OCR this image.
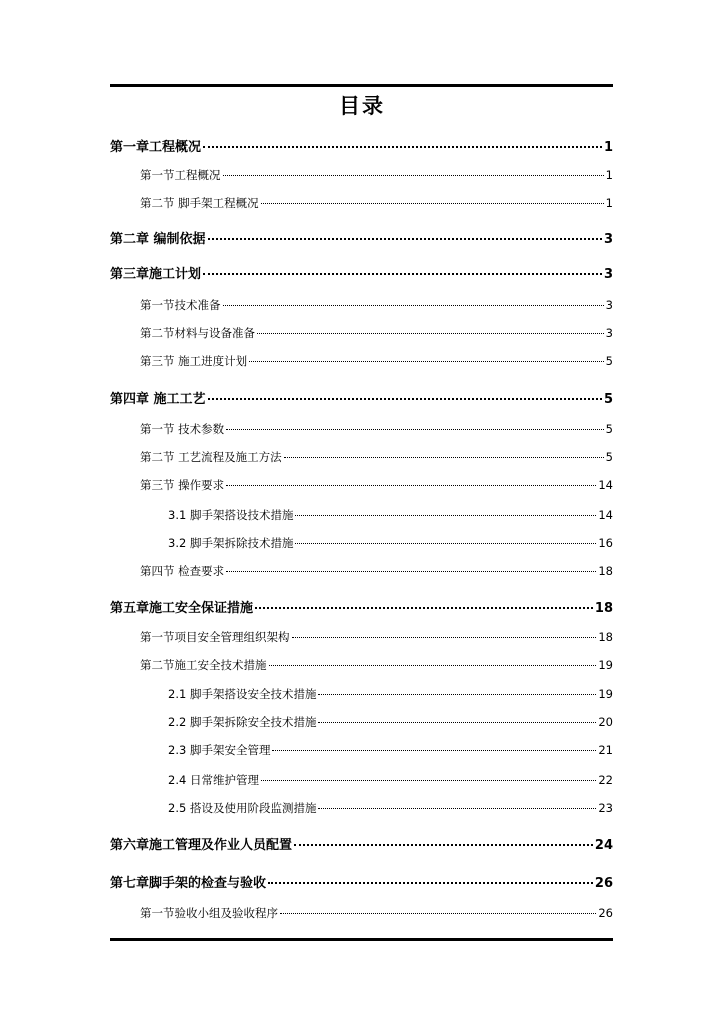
目录
第一章工程概况	1
第一节工程概况	1
第二节 脚手架工程概况	1
第二章 编制依据	3
第三章施工计划	3
第一节技术准备	3
第二节材料与设备准备	3
第三节 施工进度计划	5
第四章 施工工艺	5
第一节 技术参数	5
第二节 工艺流程及施工方法	5
第三节 操作要求	14
3.1 脚手架搭设技术措施	14
3.2 脚手架拆除技术措施	16
第四节 检查要求	18
第五章施工安全保证措施	18
第一节项目安全管理组织架构	18
第二节施工安全技术措施	19
2.1 脚手架搭设安全技术措施	19
2.2 脚手架拆除安全技术措施	20
2.3 脚手架安全管理	21
2.4 日常维护管理	22
2.5 搭设及使用阶段监测措施	23
第六章施工管理及作业人员配置	24
第七章脚手架的检查与验收	26
第一节验收小组及验收程序	26
